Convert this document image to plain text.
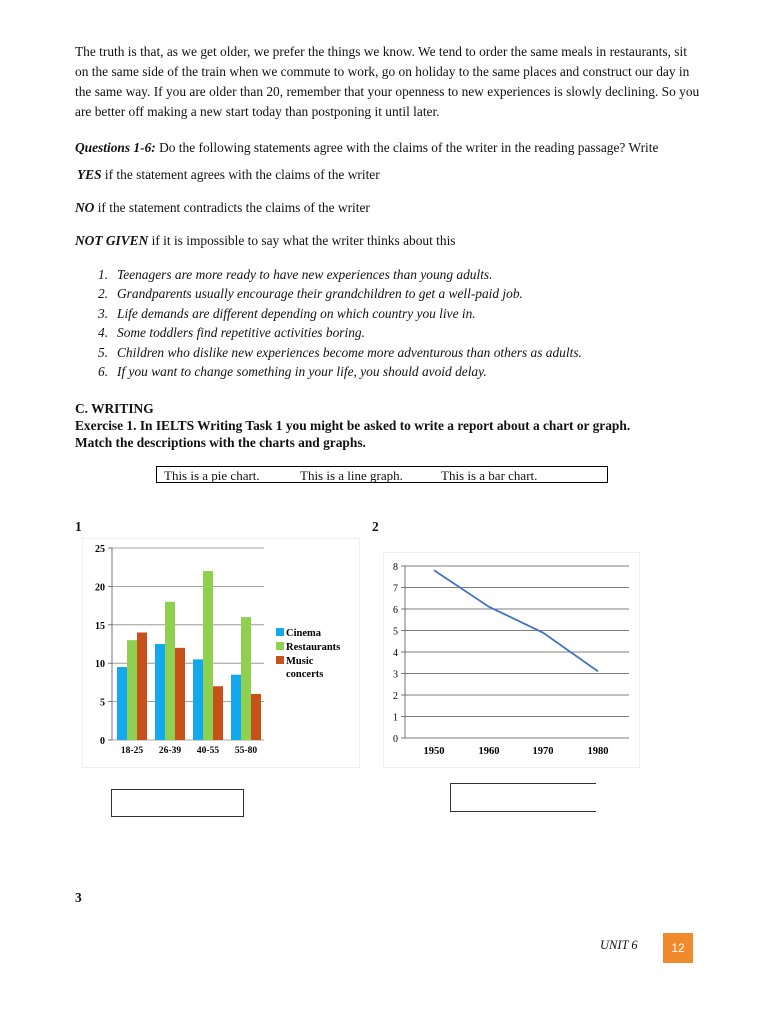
The truth is that, as we get older, we prefer the things we know. We tend to order the same meals in restaurants, sit on the same side of the train when we commute to work, go on holiday to the same places and construct our day in the same way. If you are older than 20, remember that your openness to new experiences is slowly declining. So you are better off making a new start today than postponing it until later.
Questions 1-6: Do the following statements agree with the claims of the writer in the reading passage? Write
YES if the statement agrees with the claims of the writer
NO if the statement contradicts the claims of the writer
NOT GIVEN if it is impossible to say what the writer thinks about this
1. Teenagers are more ready to have new experiences than young adults.
2. Grandparents usually encourage their grandchildren to get a well-paid job.
3. Life demands are different depending on which country you live in.
4. Some toddlers find repetitive activities boring.
5. Children who dislike new experiences become more adventurous than others as adults.
6. If you want to change something in your life, you should avoid delay.
C. WRITING
Exercise 1. In IELTS Writing Task 1 you might be asked to write a report about a chart or graph.
Match the descriptions with the charts and graphs.
This is a pie chart.	This is a line graph.	This is a bar chart.
1	2
3
0
5
10
15
20
25
18-25 26-39 40-55 55-80
Cinema
Restaurants
Music
concerts
0
1
2
3
4
5
6
7
8
1950	1960	1970	1980
UNIT 6	12
